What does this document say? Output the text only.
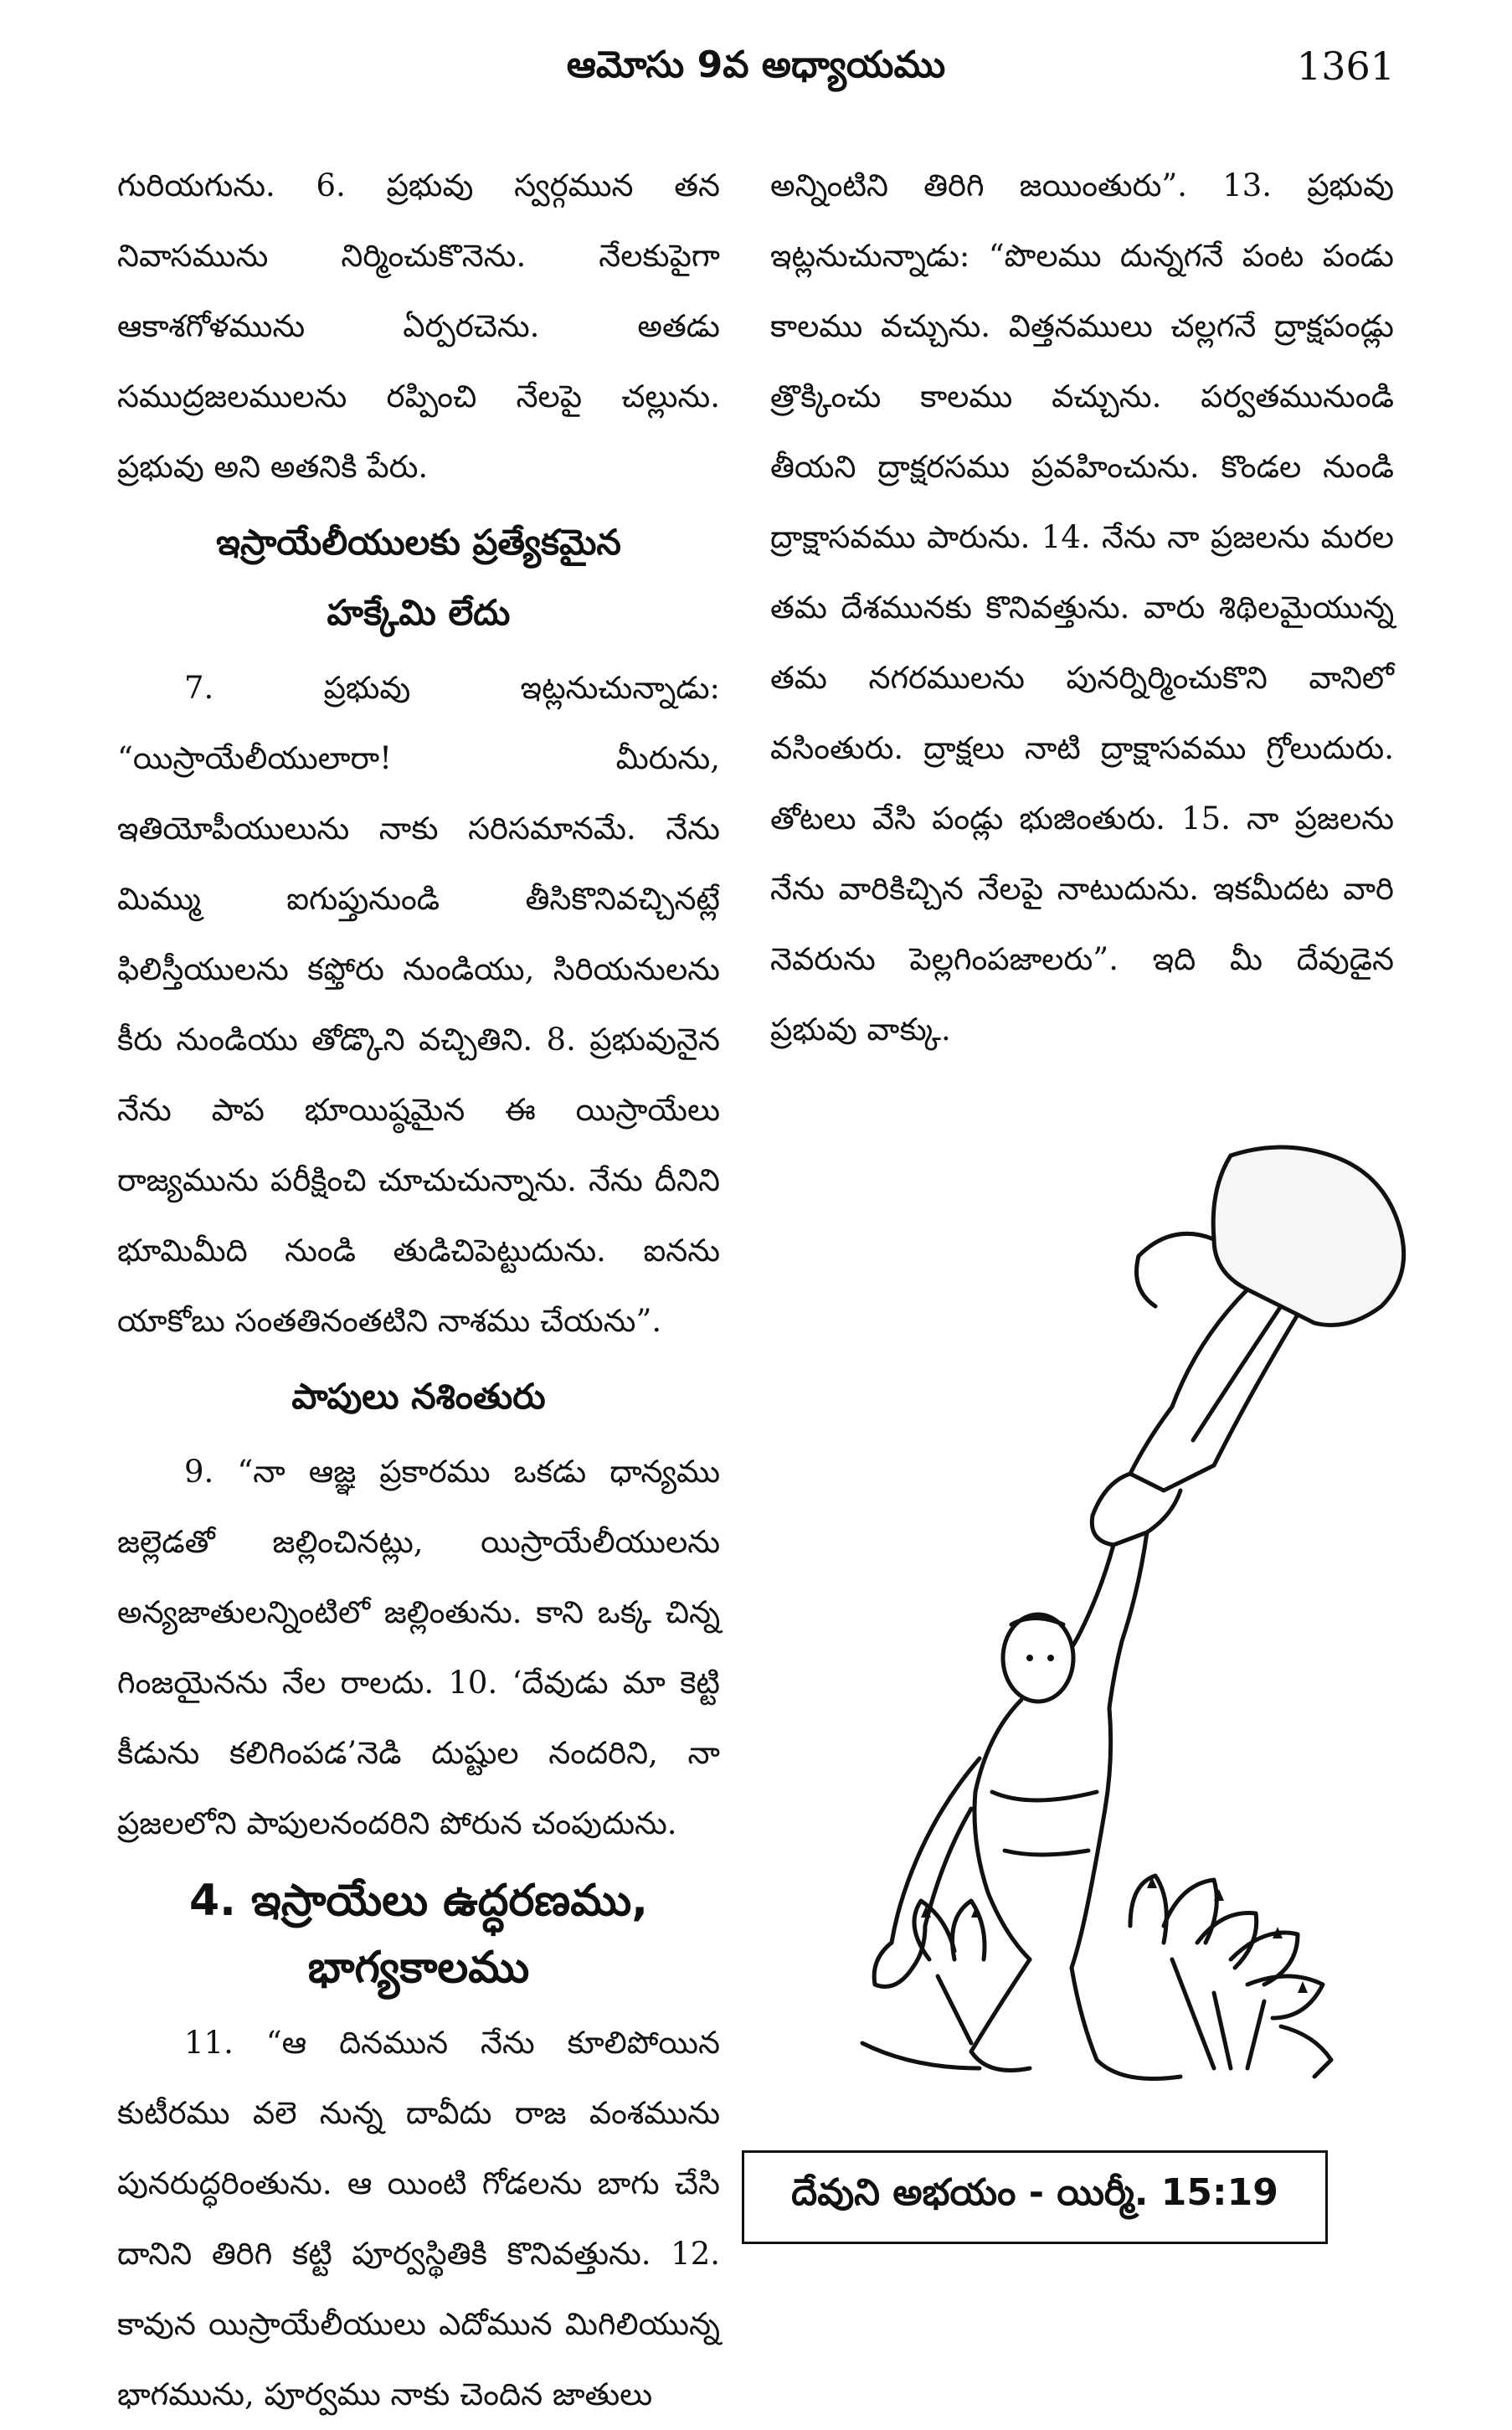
ఆమోసు 9వ అధ్యాయము	1361

గురియగును. 6. ప్రభువు స్వర్గమున తన నివాసమును నిర్మించుకొనెను. నేలకుపైగా ఆకాశగోళమును ఏర్పరచెను. అతడు సముద్రజలములను రప్పించి నేలపై చల్లును. ప్రభువు అని అతనికి పేరు.

ఇస్రాయేలీయులకు ప్రత్యేకమైన
హక్కేమి లేదు

7. ప్రభువు ఇట్లనుచున్నాడు: “యిస్రాయేలీయులారా! మీరును, ఇతియోపీయులును నాకు సరిసమానమే. నేను మిమ్ము ఐగుప్తునుండి తీసికొనివచ్చినట్లే ఫిలిస్తీయులను కఫ్తోరు నుండియు, సిరియనులను కీరు నుండియు తోడ్కొని వచ్చితిని. 8. ప్రభువునైన నేను పాప భూయిష్ఠమైన ఈ యిస్రాయేలు రాజ్యమును పరీక్షించి చూచుచున్నాను. నేను దీనిని భూమిమీది నుండి తుడిచిపెట్టుదును. ఐనను యాకోబు సంతతినంతటిని నాశము చేయను”.

పాపులు నశింతురు

9. “నా ఆజ్ఞ ప్రకారము ఒకడు ధాన్యము జల్లెడతో జల్లించినట్లు, యిస్రాయేలీయులను అన్యజాతులన్నింటిలో జల్లింతును. కాని ఒక్క చిన్న గింజయైనను నేల రాలదు. 10. ‘దేవుడు మా కెట్టి కీడును కలిగింపడ’నెడి దుష్టుల నందరిని, నా ప్రజలలోని పాపులనందరిని పోరున చంపుదును.

4. ఇస్రాయేలు ఉద్ధరణము,
భాగ్యకాలము

11. “ఆ దినమున నేను కూలిపోయిన కుటీరము వలె నున్న దావీదు రాజ వంశమును పునరుద్ధరింతును. ఆ యింటి గోడలను బాగు చేసి దానిని తిరిగి కట్టి పూర్వస్థితికి కొనివత్తును. 12. కావున యిస్రాయేలీయులు ఎదోమున మిగిలియున్న భాగమును, పూర్వము నాకు చెందిన జాతులు

అన్నింటిని తిరిగి జయింతురు”. 13. ప్రభువు ఇట్లనుచున్నాడు: “పొలము దున్నగనే పంట పండు కాలము వచ్చును. విత్తనములు చల్లగనే ద్రాక్షపండ్లు త్రొక్కించు కాలము వచ్చును. పర్వతమునుండి తీయని ద్రాక్షరసము ప్రవహించును. కొండల నుండి ద్రాక్షాసవము పారును. 14. నేను నా ప్రజలను మరల తమ దేశమునకు కొనివత్తును. వారు శిథిలమైయున్న తమ నగరములను పునర్నిర్మించుకొని వానిలో వసింతురు. ద్రాక్షలు నాటి ద్రాక్షాసవము గ్రోలుదురు. తోటలు వేసి పండ్లు భుజింతురు. 15. నా ప్రజలను నేను వారికిచ్చిన నేలపై నాటుదును. ఇకమీదట వారి నెవరును పెల్లగింపజాలరు”. ఇది మీ దేవుడైన ప్రభువు వాక్కు.

దేవుని అభయం - యిర్మీ. 15:19
